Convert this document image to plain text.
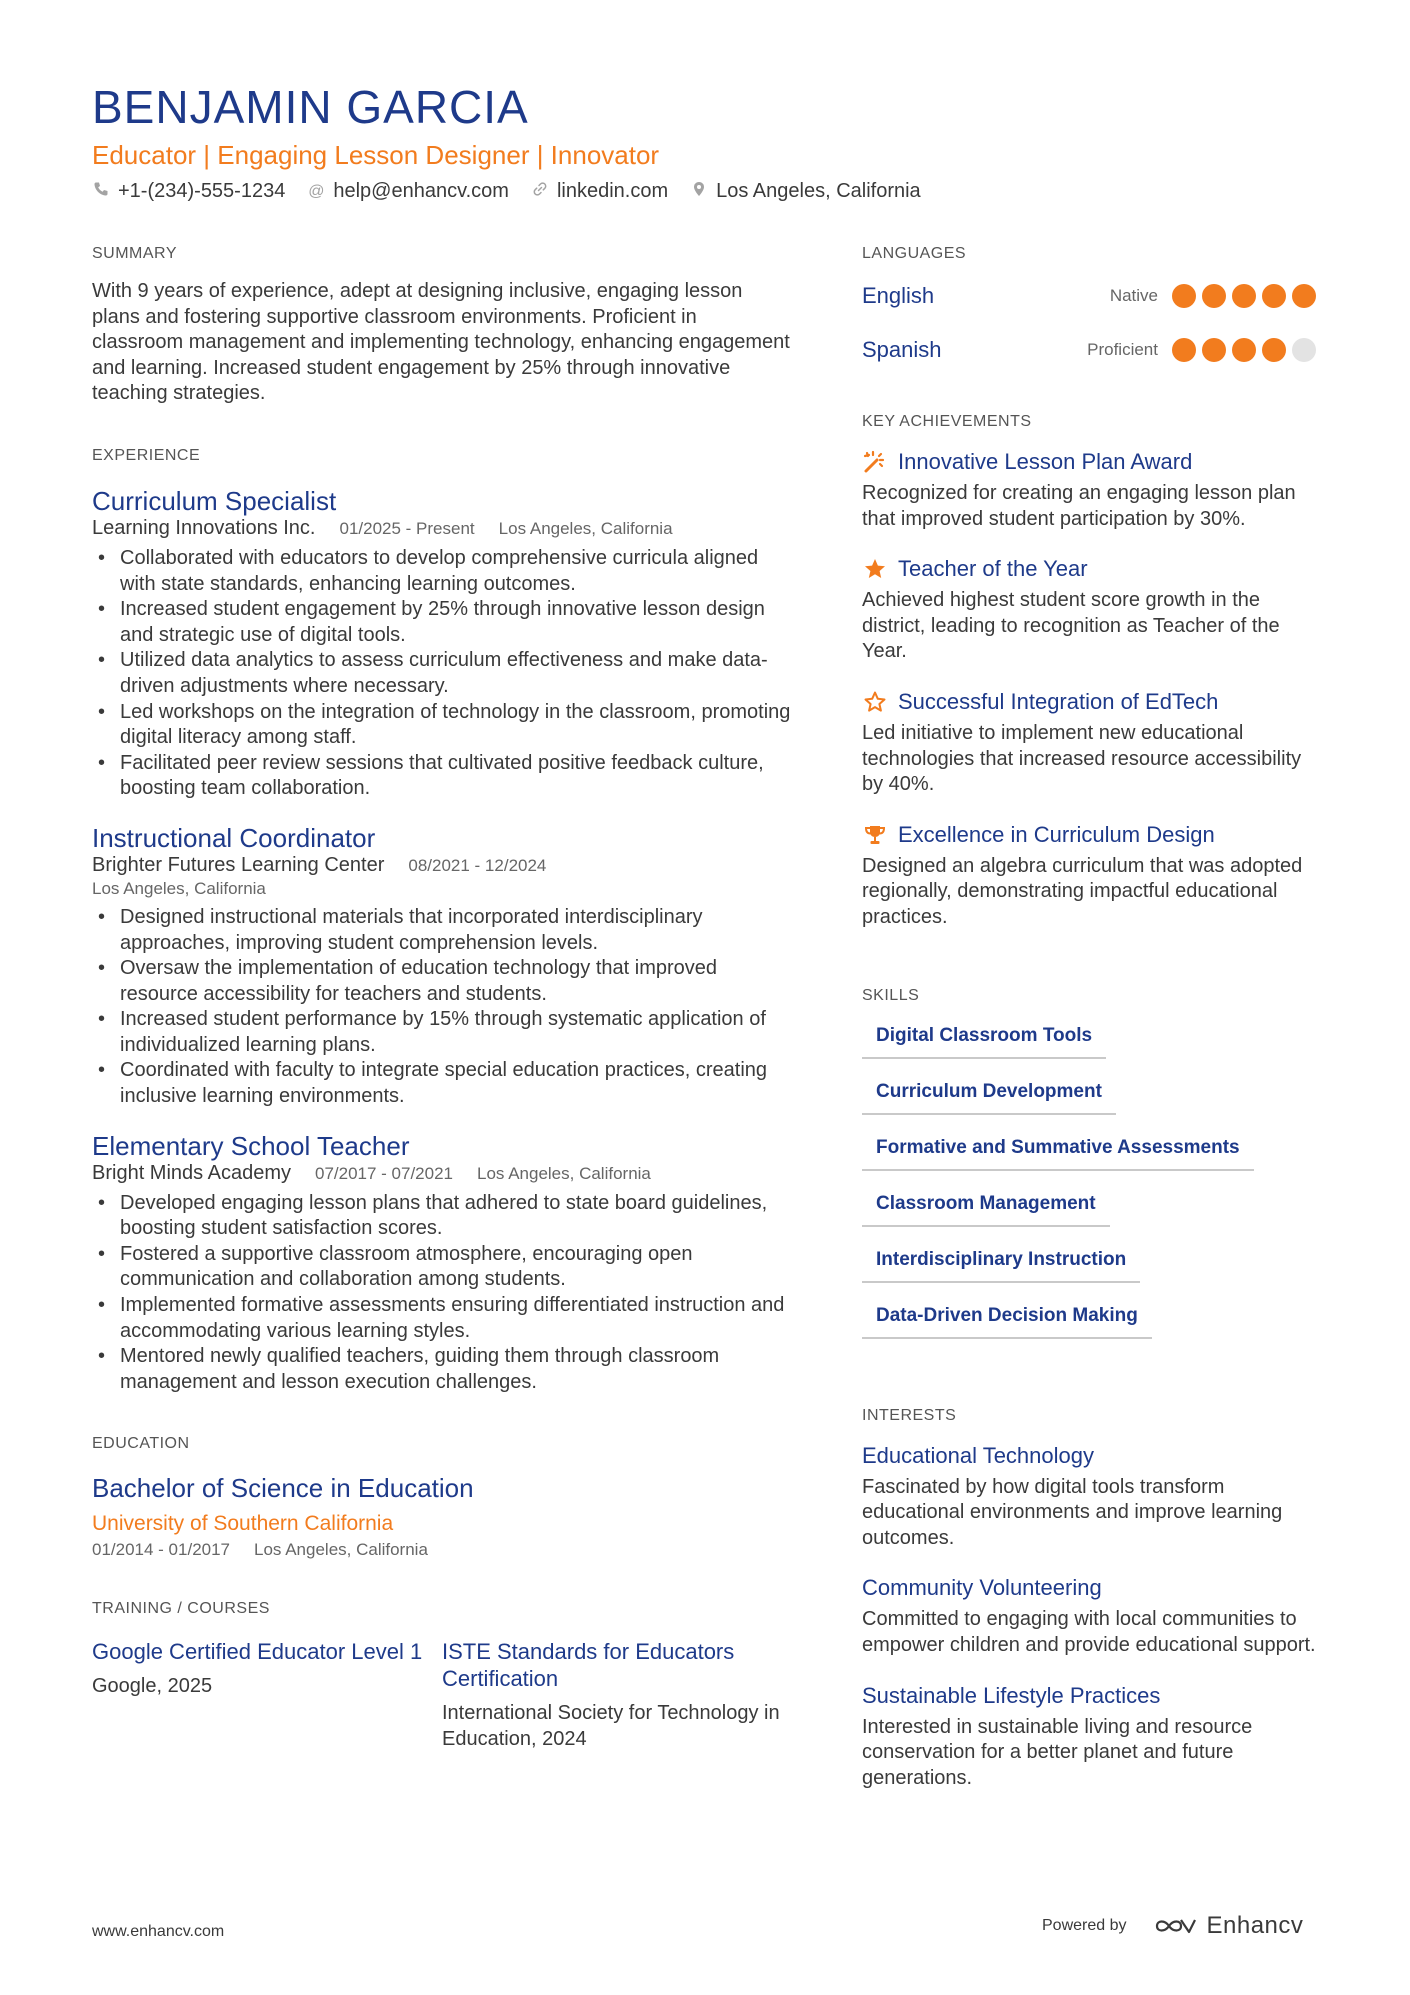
BENJAMIN GARCIA
Educator | Engaging Lesson Designer | Innovator
+1-(234)-555-1234 @ help@enhancv.com linkedin.com Los Angeles, California
SUMMARY

With 9 years of experience, adept at designing inclusive, engaging lesson plans and fostering supportive classroom environments. Proficient in classroom management and implementing technology, enhancing engagement and learning. Increased student engagement by 25% through innovative teaching strategies.

EXPERIENCE
Curriculum Specialist
Learning Innovations Inc. 01/2025 - Present Los Angeles, California
• Collaborated with educators to develop comprehensive curricula aligned with state standards, enhancing learning outcomes.
• Increased student engagement by 25% through innovative lesson design and strategic use of digital tools.
• Utilized data analytics to assess curriculum effectiveness and make data-driven adjustments where necessary.
• Led workshops on the integration of technology in the classroom, promoting digital literacy among staff.
• Facilitated peer review sessions that cultivated positive feedback culture, boosting team collaboration.
Instructional Coordinator
Brighter Futures Learning Center 08/2021 - 12/2024
Los Angeles, California
• Designed instructional materials that incorporated interdisciplinary approaches, improving student comprehension levels.
• Oversaw the implementation of education technology that improved resource accessibility for teachers and students.
• Increased student performance by 15% through systematic application of individualized learning plans.
• Coordinated with faculty to integrate special education practices, creating inclusive learning environments.
Elementary School Teacher
Bright Minds Academy 07/2017 - 07/2021 Los Angeles, California
• Developed engaging lesson plans that adhered to state board guidelines, boosting student satisfaction scores.
• Fostered a supportive classroom atmosphere, encouraging open communication and collaboration among students.
• Implemented formative assessments ensuring differentiated instruction and accommodating various learning styles.
• Mentored newly qualified teachers, guiding them through classroom management and lesson execution challenges.
EDUCATION
Bachelor of Science in Education
University of Southern California
01/2014 - 01/2017 Los Angeles, California
TRAINING / COURSES
Google Certified Educator Level 1
Google, 2025
ISTE Standards for Educators Certification
International Society for Technology in Education, 2024
LANGUAGES
English	Native
Spanish	Proficient
KEY ACHIEVEMENTS
Innovative Lesson Plan Award
Recognized for creating an engaging lesson plan that improved student participation by 30%.
Teacher of the Year
Achieved highest student score growth in the district, leading to recognition as Teacher of the Year.
Successful Integration of EdTech
Led initiative to implement new educational technologies that increased resource accessibility by 40%.
Excellence in Curriculum Design
Designed an algebra curriculum that was adopted regionally, demonstrating impactful educational practices.
SKILLS
Digital Classroom Tools
Curriculum Development
Formative and Summative Assessments
Classroom Management
Interdisciplinary Instruction
Data-Driven Decision Making
INTERESTS
Educational Technology
Fascinated by how digital tools transform educational environments and improve learning outcomes.
Community Volunteering
Committed to engaging with local communities to empower children and provide educational support.
Sustainable Lifestyle Practices
Interested in sustainable living and resource conservation for a better planet and future generations.
www.enhancv.com	Powered by	Enhancv
